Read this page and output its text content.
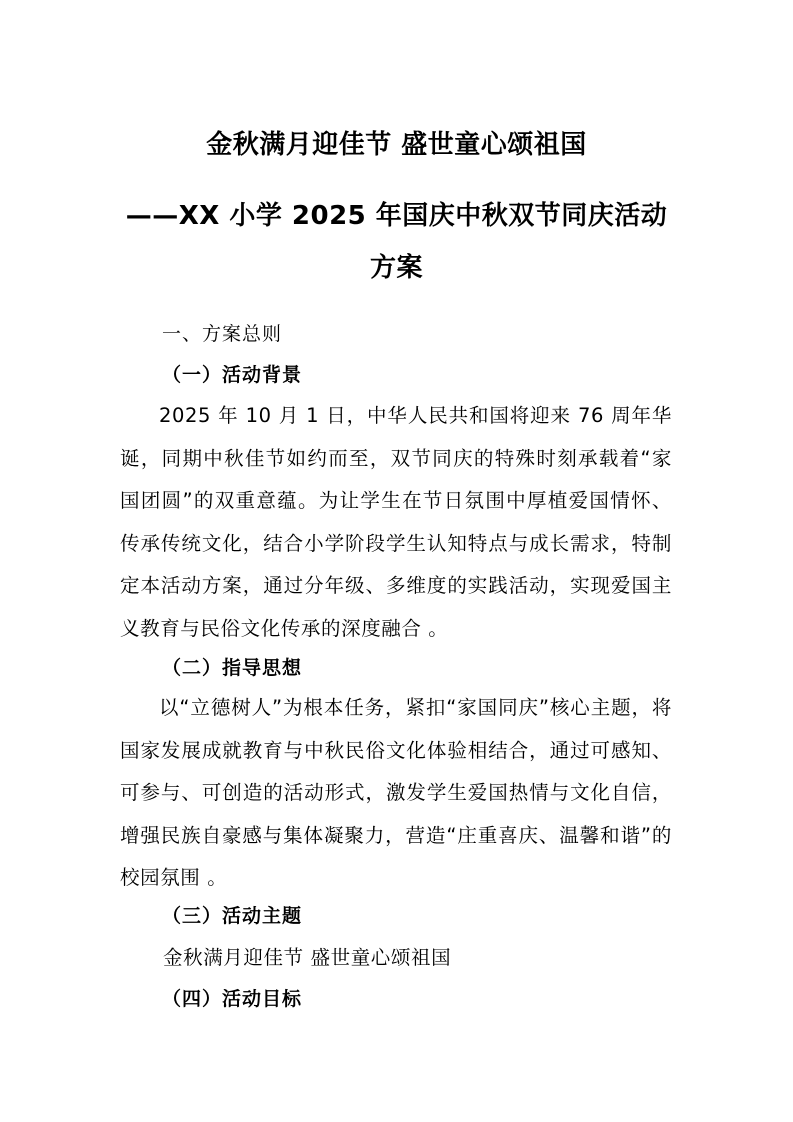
金秋满月迎佳节 盛世童心颂祖国
——XX 小学 2025 年国庆中秋双节同庆活动
方案
一、方案总则
（一）活动背景

2025 年 10 月 1 日，中华人民共和国将迎来 76 周年华诞，同期中秋佳节如约而至，双节同庆的特殊时刻承载着“家国团圆”的双重意蕴。为让学生在节日氛围中厚植爱国情怀、传承传统文化，结合小学阶段学生认知特点与成长需求，特制定本活动方案，通过分年级、多维度的实践活动，实现爱国主义教育与民俗文化传承的深度融合 。

（二）指导思想

以“立德树人”为根本任务，紧扣“家国同庆”核心主题，将国家发展成就教育与中秋民俗文化体验相结合，通过可感知、可参与、可创造的活动形式，激发学生爱国热情与文化自信，增强民族自豪感与集体凝聚力，营造“庄重喜庆、温馨和谐”的校园氛围 。

（三）活动主题
金秋满月迎佳节 盛世童心颂祖国
（四）活动目标
